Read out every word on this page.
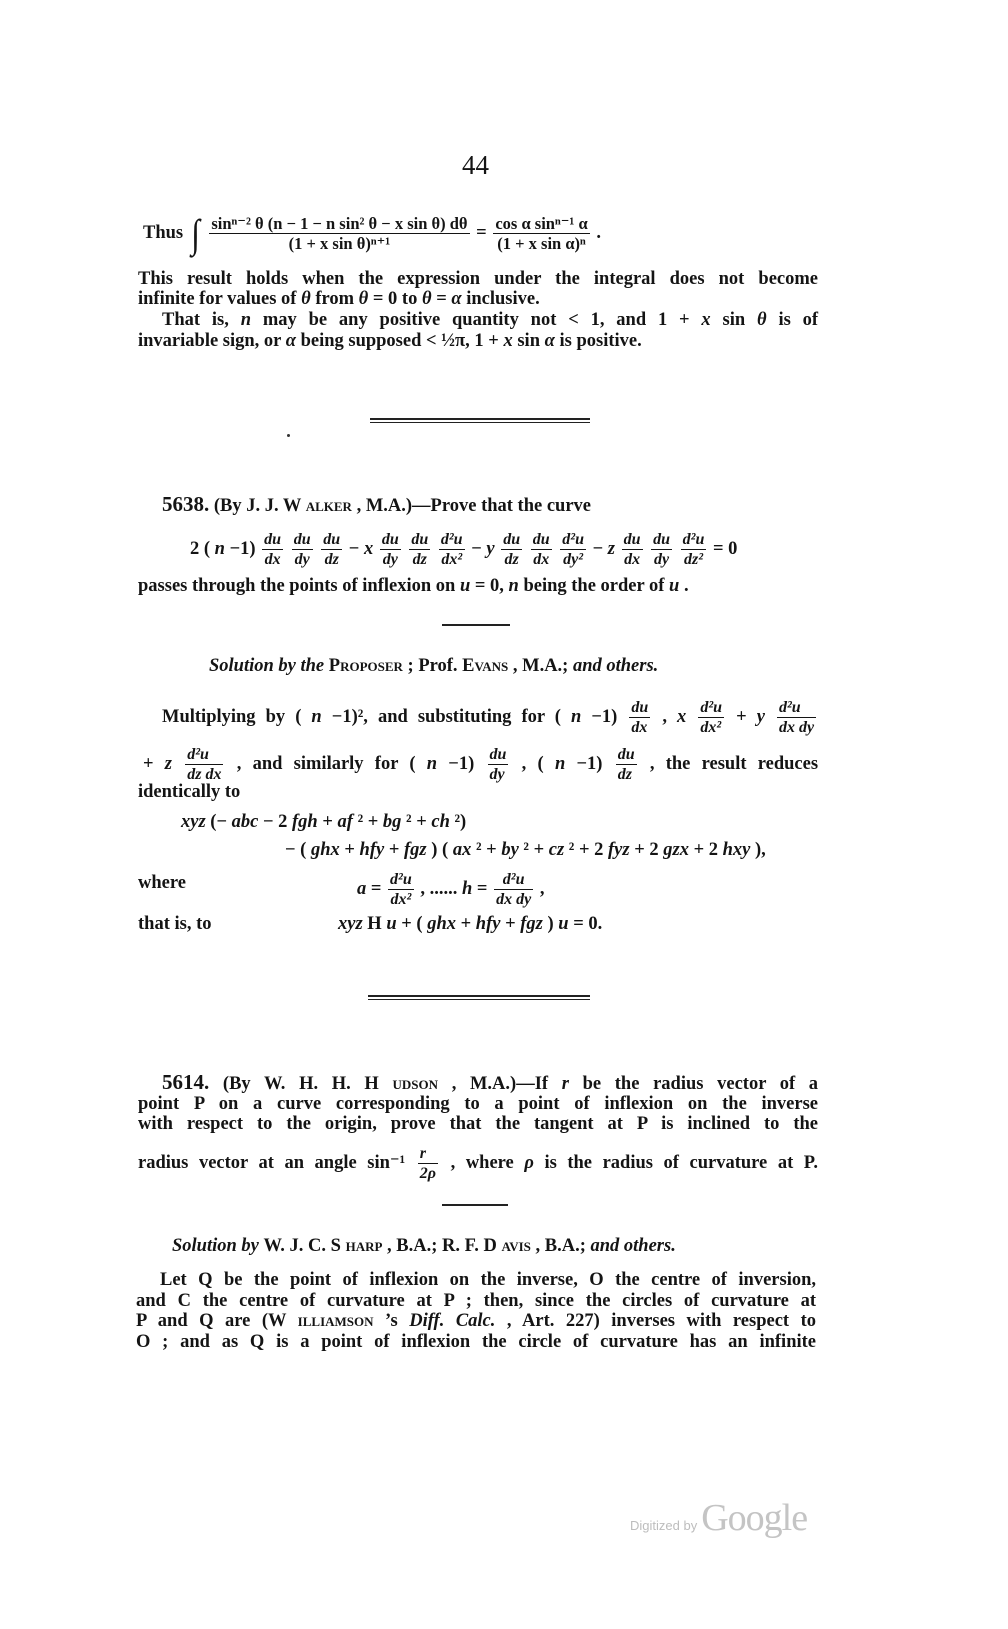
44
Thus ∫ $\frac{\text{sinⁿ⁻² θ (n − 1 − n sin² θ − x sin θ) dθ}}{\text{(1 + x sin θ)ⁿ⁺¹}} = \frac{\text{cos α sinⁿ⁻¹ α}}{\text{(1 + x sin α)ⁿ}}$ .
This result holds when the expression under the integral does not become
infinite for values of θ from θ = 0 to θ = α inclusive.
That is, n may be any positive quantity not < 1, and 1 + x sin θ is of
invariable sign, or α being supposed < ½π, 1 + x sin α is positive.
5638. (By J. J. W alker , M.A.)—Prove that the curve
2 ( $n -1) \frac{du}{dx}$
$\frac{du}{dy}$
$\frac{du}{dz} - x \frac{du}{dy}$
$\frac{du}{dz}$
$\frac{\text{d²u}}{\text{dx²}} - y \frac{du}{dz}$
$\frac{du}{dx}$
$\frac{\text{d²u}}{\text{dy²}} - z \frac{du}{dx}$
$\frac{du}{dy}$
$\frac{\text{d²u}}{\text{dz²}} = 0$
passes through the points of inflexion on u = 0, n being the order of u .
Solution by the Proposer ; Prof. Evans , M.A.; and others.
Multiplying by ( n −1)², and substituting for ( $n -1) \frac{du}{dx}$ , x $\frac{\text{d²u}}{\text{dx²}} + y \frac{\text{d²u}}{\text{dx dy}}$
+ z $\frac{\text{d²u}}{\text{dz dx}}$ , and similarly for ( $n -1) \frac{du}{dy}$ , ( $n -1) \frac{du}{dz}$ , the result reduces
identically to
xyz (− abc − 2 fgh + af ² + bg ² + ch ²)
− ( ghx + hfy + fgz ) ( ax ² + by ² + cz ² + 2 fyz + 2 gzx + 2 hxy ),
where	$a = \frac{\text{d²u}}{\text{dx²}}$ , ...... $h = \frac{\text{d²u}}{\text{dx dy}}$ ,
that is, to	xyz H u + ( ghx + hfy + fgz ) u = 0.
5614. (By W. H. H. H udson , M.A.)—If r be the radius vector of a
point P on a curve corresponding to a point of inflexion on the inverse
with respect to the origin, prove that the tangent at P is inclined to the
radius vector at an angle $\sin^{-1} \frac{r}{2\rho}$ , where ρ is the radius of curvature at P.
Solution by W. J. C. S harp , B.A.; R. F. D avis , B.A.; and others.
Let Q be the point of inflexion on the inverse, O the centre of inversion,
and C the centre of curvature at P ; then, since the circles of curvature at
P and Q are (W illiamson ’s Diff. Calc. , Art. 227) inverses with respect to
O ; and as Q is a point of inflexion the circle of curvature has an infinite
Digitized by Google
